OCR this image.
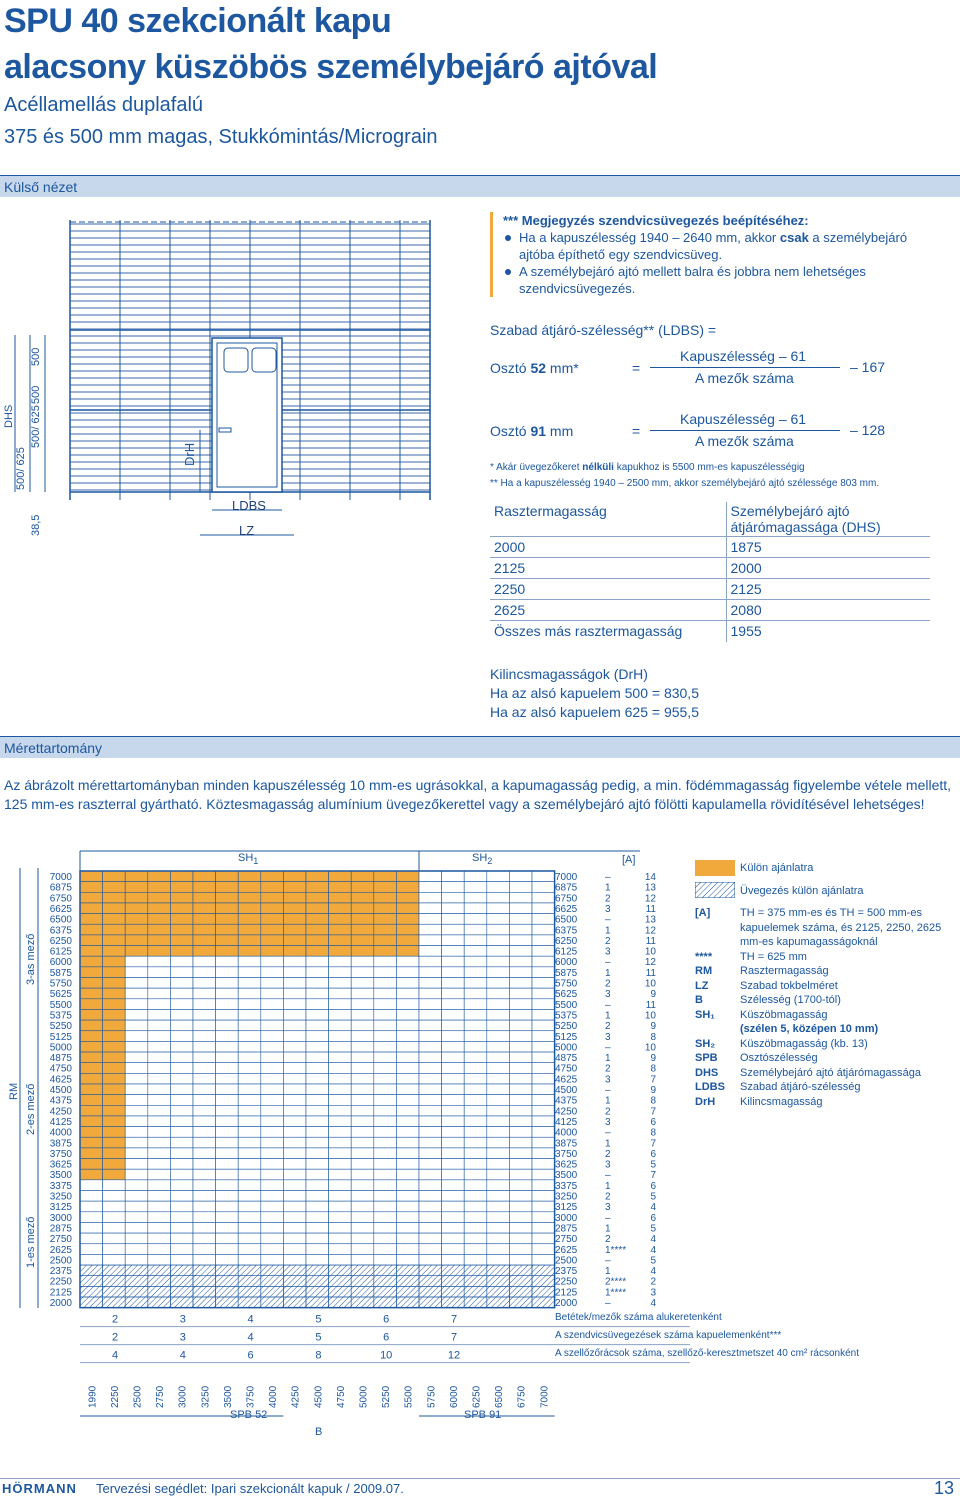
SPU 40 szekcionált kapu
alacsony küszöbös személybejáró ajtóval
Acéllamellás duplafalú
375 és 500 mm magas, Stukkómintás/Micrograin
Külső nézet
DHS
500
500
500/ 625
500/ 625
38,5
DrH
LDBS
LZ
*** Megjegyzés szendvicsüvegezés beépítéséhez:
Ha a kapuszélesség 1940 – 2640 mm, akkor csak a személybejáró ajtóba építhető egy szendvicsüveg.
A személybejáró ajtó mellett balra és jobbra nem lehetséges szendvicsüvegezés.
Szabad átjáró-szélesség** (LDBS) =
Osztó 52 mm*	=
Kapuszélesség – 61
A mezők száma
– 167
Osztó 91 mm	=
Kapuszélesség – 61
A mezők száma
– 128
* Akár üvegezőkeret nélküli kapukhoz is 5500 mm-es kapuszélességig
** Ha a kapuszélesség 1940 – 2500 mm, akkor személybejáró ajtó szélessége 803 mm.
Rasztermagasság	Személybejáró ajtó átjárómagassága (DHS)
2000	1875
2125	2000
2250	2125
2625	2080
Összes más rasztermagasság	1955
Kilincsmagasságok (DrH)
Ha az alsó kapuelem 500 = 830,5
Ha az alsó kapuelem 625 = 955,5
Mérettartomány
Az ábrázolt mérettartományban minden kapuszélesség 10 mm-es ugrásokkal, a kapumagasság pedig, a min. födémmagasság figyelembe vétele mellett, 125 mm-es raszterral gyártható. Köztesmagasság alumínium üvegezőkerettel vagy a személybejáró ajtó fölötti kapulamella rövidítésével lehetséges!
7000	7000	–	14
6875	6875	1	13
6750	6750	2	12
6625	6625	3	11
6500	6500	–	13
6375	6375	1	12
6250	6250	2	11
6125	6125	3	10
6000	6000	–	12
5875	5875	1	11
5750	5750	2	10
5625	5625	3	9
5500	5500	–	11
5375	5375	1	10
5250	5250	2	9
5125	5125	3	8
5000	5000	–	10
4875	4875	1	9
4750	4750	2	8
4625	4625	3	7
4500	4500	–	9
4375	4375	1	8
4250	4250	2	7
4125	4125	3	6
4000	4000	–	8
3875	3875	1	7
3750	3750	2	6
3625	3625	3	5
3500	3500	–	7
3375	3375	1	6
3250	3250	2	5
3125	3125	3	4
3000	3000	–	6
2875	2875	1	5
2750	2750	2	4
2625	2625	1**** 4
2500	2500	–	5
2375	2375	1	4
2250	2250	2**** 2
2125	2125	1**** 3
2000	2000	–	4
2	3	4	5	6	7
2	3	4	5	6	7
4	4	6	8	10	12
1990 2250 2500 2750 3000 3250 3500 3750 4000 4250 4500 4750 5000 5250 5500 5750 6000 6250 6500 6750 7000
RM
3-as mező
2-es mező
1-es mező
$SH_1$	$SH_2$	[A]
Betétek/mezők száma alukeretenként
A szendvicsüvegezések száma kapuelemenként***
A szellőzőrácsok száma, szellőző-keresztmetszet 40 cm² rácsonként
SPB 52	SPB 91
B
Külön ajánlatra
Üvegezés külön ajánlatra
[A]	TH = 375 mm-es és TH = 500 mm-es kapuelemek száma, és 2125, 2250, 2625 mm-es kapumagasságoknál
****	TH = 625 mm
RM	Rasztermagasság
LZ	Szabad tokbelméret
B	Szélesség (1700-tól)
SH₁	Küszöbmagasság
(szélen 5, középen 10 mm)
SH₂	Küszöbmagasság (kb. 13)
SPB	Osztószélesség
DHS	Személybejáró ajtó átjárómagassága
LDBS	Szabad átjáró-szélesség
DrH	Kilincsmagasság
HÖRMANN Tervezési segédlet: Ipari szekcionált kapuk / 2009.07.	13
